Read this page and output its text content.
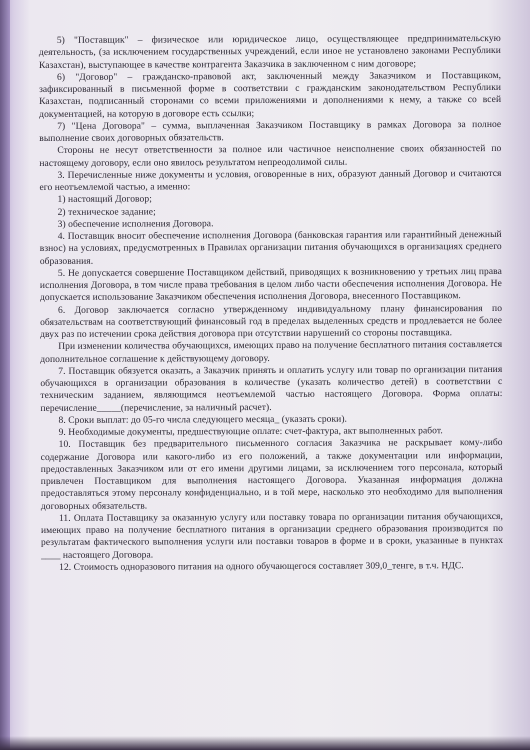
5) "Поставщик" – физическое или юридическое лицо, осуществляющее предпринимательскую деятельность, (за исключением государственных учреждений, если иное не установлено законами Республики Казахстан), выступающее в качестве контрагента Заказчика в заключенном с ним договоре;

6) "Договор" – гражданско-правовой акт, заключенный между Заказчиком и Поставщиком, зафиксированный в письменной форме в соответствии с гражданским законодательством Республики Казахстан, подписанный сторонами со всеми приложениями и дополнениями к нему, а также со всей документацией, на которую в договоре есть ссылки;

7) "Цена Договора" – сумма, выплаченная Заказчиком Поставщику в рамках Договора за полное выполнение своих договорных обязательств.

Стороны не несут ответственности за полное или частичное неисполнение своих обязанностей по настоящему договору, если оно явилось результатом непреодолимой силы.

3. Перечисленные ниже документы и условия, оговоренные в них, образуют данный Договор и считаются его неотъемлемой частью, а именно:

1) настоящий Договор;

2) техническое задание;

3) обеспечение исполнения Договора.

4. Поставщик вносит обеспечение исполнения Договора (банковская гарантия или гарантийный денежный взнос) на условиях, предусмотренных в Правилах организации питания обучающихся в организациях среднего образования.

5. Не допускается совершение Поставщиком действий, приводящих к возникновению у третьих лиц права исполнения Договора, в том числе права требования в целом либо части обеспечения исполнения Договора. Не допускается использование Заказчиком обеспечения исполнения Договора, внесенного Поставщиком.

6. Договор заключается согласно утвержденному индивидуальному плану финансирования по обязательствам на соответствующий финансовый год в пределах выделенных средств и продлевается не более двух раз по истечении срока действия договора при отсутствии нарушений со стороны поставщика.

При изменении количества обучающихся, имеющих право на получение бесплатного питания составляется дополнительное соглашение к действующему договору.

7. Поставщик обязуется оказать, а Заказчик принять и оплатить услугу или товар по организации питания обучающихся в организации образования в количестве (указать количество детей) в соответствии с техническим заданием, являющимся неотъемлемой частью настоящего Договора. Форма оплаты: перечисление_____(перечисление, за наличный расчет).

8. Сроки выплат: до 05-го числа следующего месяца_ (указать сроки).

9. Необходимые документы, предшествующие оплате: счет-фактура, акт выполненных работ.

10. Поставщик без предварительного письменного согласия Заказчика не раскрывает кому-либо содержание Договора или какого-либо из его положений, а также документации или информации, предоставленных Заказчиком или от его имени другими лицами, за исключением того персонала, который привлечен Поставщиком для выполнения настоящего Договора. Указанная информация должна предоставляться этому персоналу конфиденциально, и в той мере, насколько это необходимо для выполнения договорных обязательств.

11. Оплата Поставщику за оказанную услугу или поставку товара по организации питания обучающихся, имеющих право на получение бесплатного питания в организации среднего образования производится по результатам фактического выполнения услуги или поставки товаров в форме и в сроки, указанные в пунктах ____ настоящего Договора.

12. Стоимость одноразового питания на одного обучающегося составляет 309,0_тенге, в т.ч. НДС.
